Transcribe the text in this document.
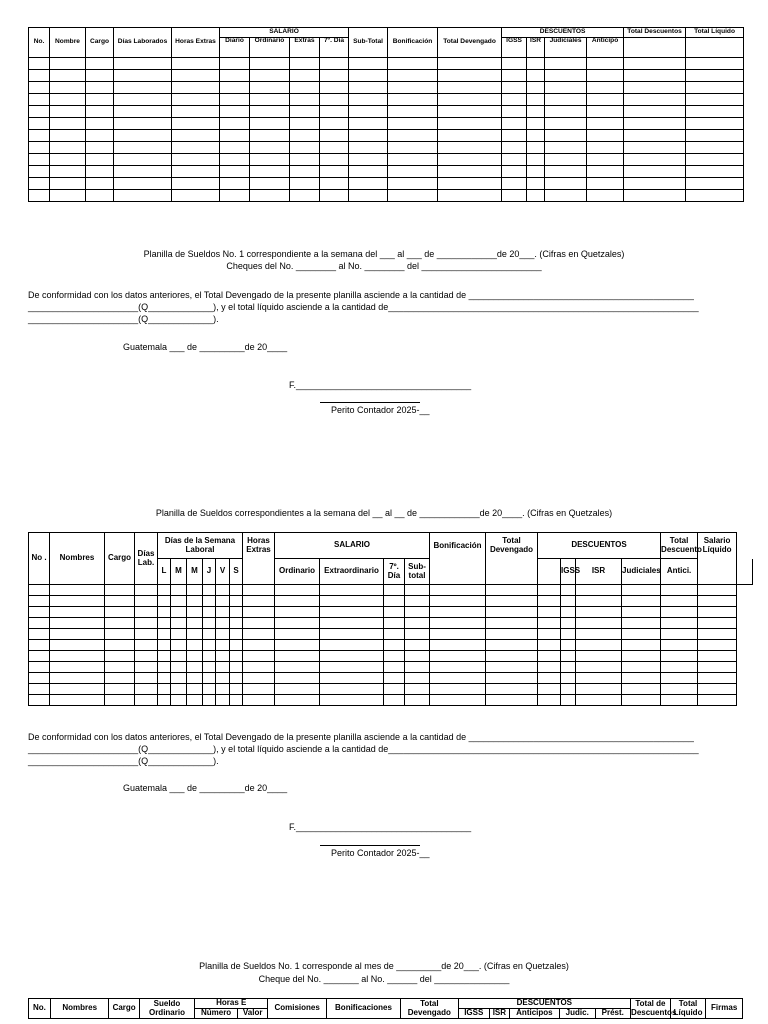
No.	Nombre	Cargo	Días Laborados	Horas Extras	SALARIO				Sub-Total	Bonificación	Total Devengado	DESCUENTOS				Total Descuentos	Total Líquido
					Diario	Ordinario	Extras	7º. Día				IGSS	ISR	Judiciales	Anticipo		

Planilla de Sueldos No. 1 correspondiente a la semana del ___ al ___ de ____________de 20___. (Cifras en Quetzales)
Cheques del No. ________ al No. ________ del ________________________
De conformidad con los datos anteriores, el Total Devengado de la presente planilla asciende a la cantidad de _____________________________________________
______________________(Q_____________), y el total líquido asciende a la cantidad de______________________________________________________________
______________________(Q_____________).
Guatemala ___ de _________de 20____
F.___________________________________
Perito Contador 2025-__
Planilla de Sueldos correspondientes a la semana del __ al __ de ____________de 20____. (Cifras en Quetzales)
No .	Nombres	Cargo	Días Lab.	Días de la Semana Laboral						Horas Extras	SALARIO				Bonificación	Total Devengado	DESCUENTOS				Total Descuento	Salario Líquido	
				L	M	M	J	V	S		Ordinario	Extraordinario	7º. Día	Sub-total				IGSS	ISR	Judiciales	Antici.		

De conformidad con los datos anteriores, el Total Devengado de la presente planilla asciende a la cantidad de _____________________________________________
______________________(Q_____________), y el total líquido asciende a la cantidad de______________________________________________________________
______________________(Q_____________).
Guatemala ___ de _________de 20____
F.___________________________________
Perito Contador 2025-__
Planilla de Sueldos No. 1 corresponde al mes de _________de 20___. (Cifras en Quetzales)
Cheque del No. _______ al No. ______ del _______________
No.	Nombres	Cargo	Sueldo Ordinario	Horas E		Comisiones	Bonificaciones	Total Devengado	DESCUENTOS					Total de Descuentos	Total Líquido	Firmas
				Número	Valor				IGSS	ISR	Anticipos	Judic.	Prést.			
